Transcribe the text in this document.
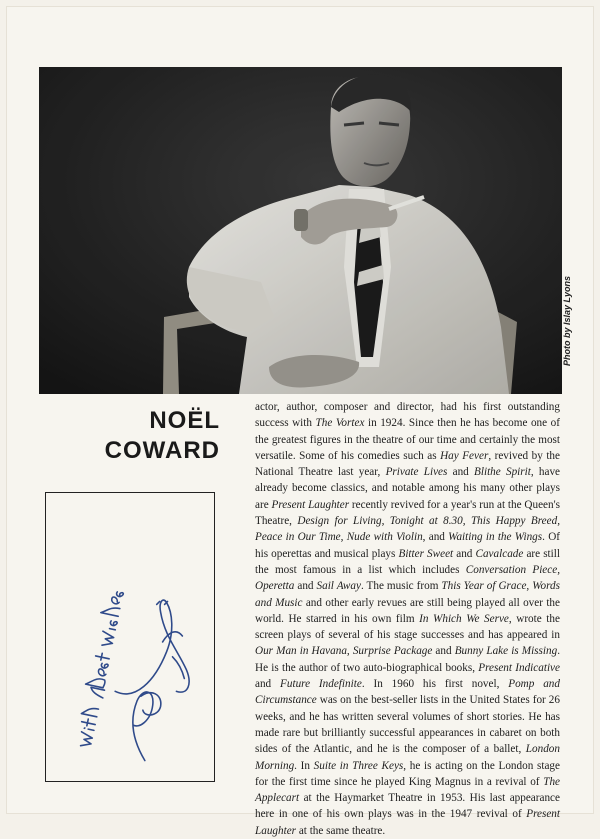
Photo by Islay Lyons
NOËL
COWARD
actor, author, composer and director, had his first outstanding success with The Vortex in 1924. Since then he has become one of the greatest figures in the theatre of our time and certainly the most versatile. Some of his comedies such as Hay Fever, revived by the National Theatre last year, Private Lives and Blithe Spirit, have already become classics, and notable among his many other plays are Present Laughter recently revived for a year's run at the Queen's Theatre, Design for Living, Tonight at 8.30, This Happy Breed, Peace in Our Time, Nude with Violin, and Waiting in the Wings. Of his operettas and musical plays Bitter Sweet and Cavalcade are still the most famous in a list which includes Conversation Piece, Operetta and Sail Away. The music from This Year of Grace, Words and Music and other early revues are still being played all over the world. He starred in his own film In Which We Serve, wrote the screen plays of several of his stage successes and has appeared in Our Man in Havana, Surprise Package and Bunny Lake is Missing. He is the author of two auto-biographical books, Present Indicative and Future Indefinite. In 1960 his first novel, Pomp and Circumstance was on the best-seller lists in the United States for 26 weeks, and he has written several volumes of short stories. He has made rare but brilliantly successful appearances in cabaret on both sides of the Atlantic, and he is the composer of a ballet, London Morning. In Suite in Three Keys, he is acting on the London stage for the first time since he played King Magnus in a revival of The Applecart at the Haymarket Theatre in 1953. His last appearance here in one of his own plays was in the 1947 revival of Present Laughter at the same theatre.
